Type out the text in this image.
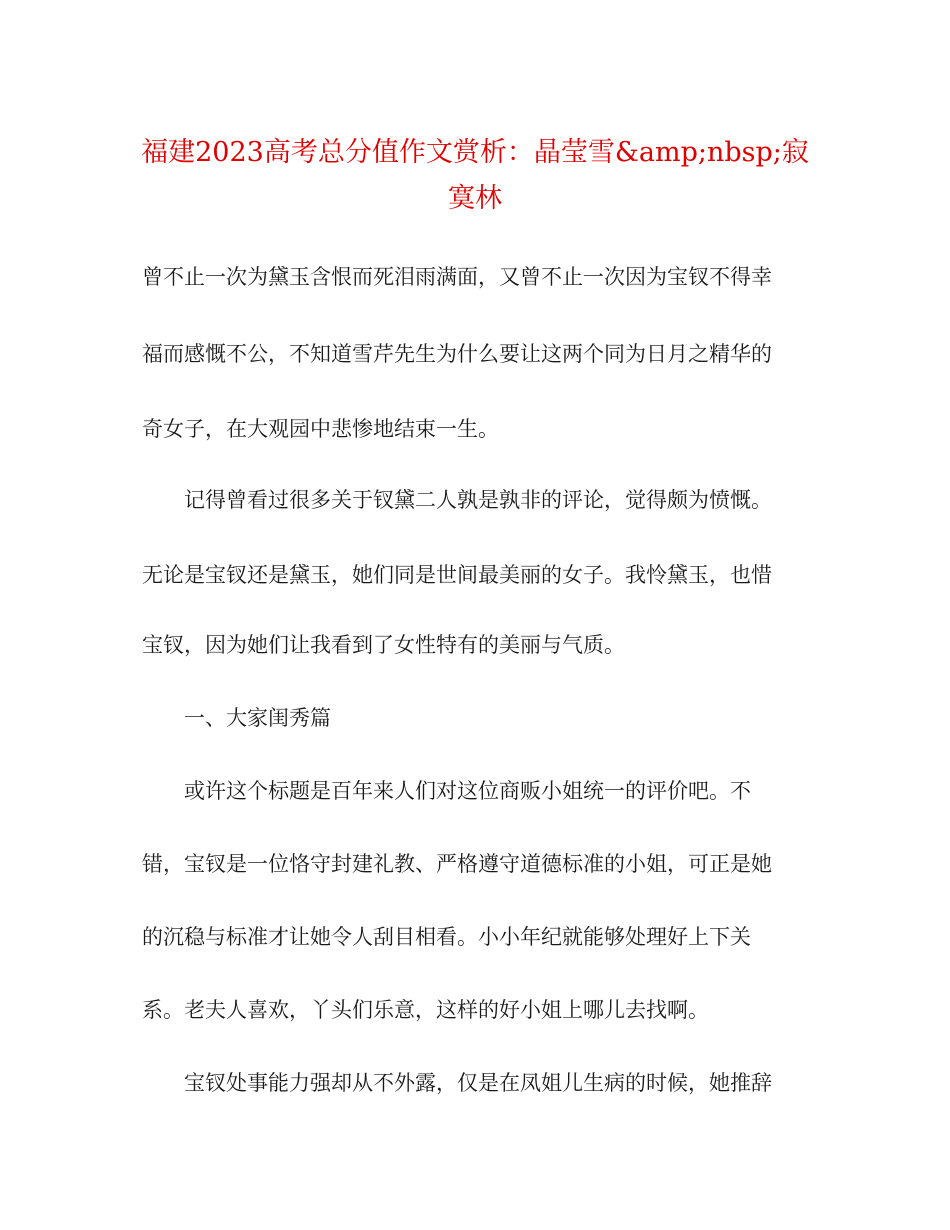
福建2023高考总分值作文赏析：晶莹雪&amp;nbsp;寂寞林

曾不止一次为黛玉含恨而死泪雨满面，又曾不止一次因为宝钗不得幸

福而感慨不公，不知道雪芹先生为什么要让这两个同为日月之精华的

奇女子，在大观园中悲惨地结束一生。

　　记得曾看过很多关于钗黛二人孰是孰非的评论，觉得颇为愤慨。

无论是宝钗还是黛玉，她们同是世间最美丽的女子。我怜黛玉，也惜

宝钗，因为她们让我看到了女性特有的美丽与气质。

　　一、大家闺秀篇

　　或许这个标题是百年来人们对这位商贩小姐统一的评价吧。不

错，宝钗是一位恪守封建礼教、严格遵守道德标准的小姐，可正是她

的沉稳与标准才让她令人刮目相看。小小年纪就能够处理好上下关

系。老夫人喜欢，丫头们乐意，这样的好小姐上哪儿去找啊。

　　宝钗处事能力强却从不外露，仅是在凤姐儿生病的时候，她推辞
